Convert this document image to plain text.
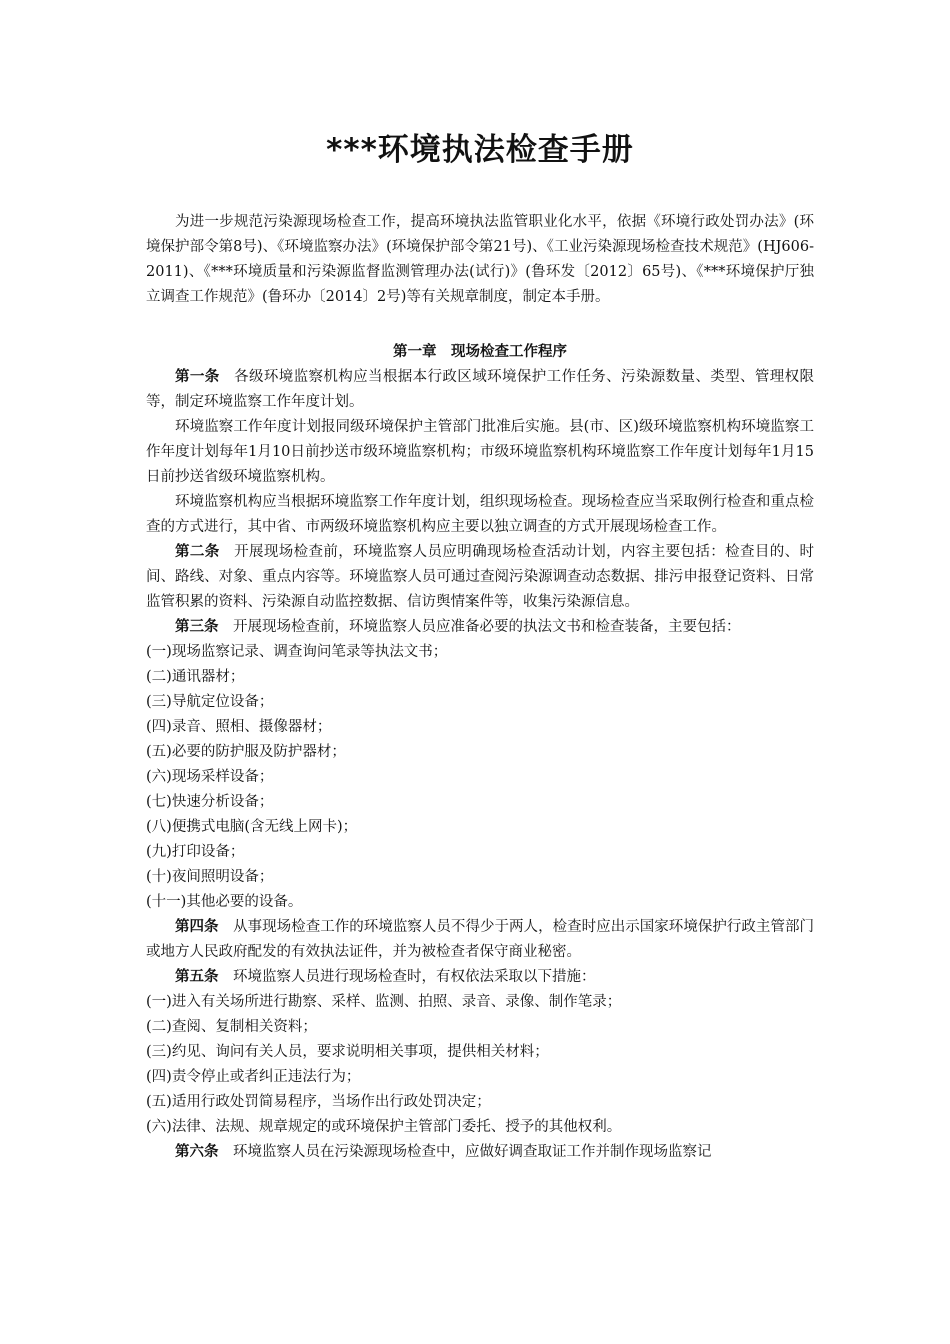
***环境执法检查手册

为进一步规范污染源现场检查工作，提高环境执法监管职业化水平，依据《环境行政处罚办法》(环境保护部令第8号)、《环境监察办法》(环境保护部令第21号)、《工业污染源现场检查技术规范》(HJ606-2011)、《***环境质量和污染源监督监测管理办法(试行)》(鲁环发〔2012〕65号)、《***环境保护厅独立调查工作规范》(鲁环办〔2014〕2号)等有关规章制度，制定本手册。

第一章　现场检查工作程序

第一条 各级环境监察机构应当根据本行政区域环境保护工作任务、污染源数量、类型、管理权限等，制定环境监察工作年度计划。

环境监察工作年度计划报同级环境保护主管部门批准后实施。县(市、区)级环境监察机构环境监察工作年度计划每年1月10日前抄送市级环境监察机构；市级环境监察机构环境监察工作年度计划每年1月15日前抄送省级环境监察机构。

环境监察机构应当根据环境监察工作年度计划，组织现场检查。现场检查应当采取例行检查和重点检查的方式进行，其中省、市两级环境监察机构应主要以独立调查的方式开展现场检查工作。

第二条 开展现场检查前，环境监察人员应明确现场检查活动计划，内容主要包括：检查目的、时间、路线、对象、重点内容等。环境监察人员可通过查阅污染源调查动态数据、排污申报登记资料、日常监管积累的资料、污染源自动监控数据、信访舆情案件等，收集污染源信息。

第三条 开展现场检查前，环境监察人员应准备必要的执法文书和检查装备，主要包括：

(一)现场监察记录、调查询问笔录等执法文书；

(二)通讯器材；

(三)导航定位设备；

(四)录音、照相、摄像器材；

(五)必要的防护服及防护器材；

(六)现场采样设备；

(七)快速分析设备；

(八)便携式电脑(含无线上网卡)；

(九)打印设备；

(十)夜间照明设备；

(十一)其他必要的设备。

第四条 从事现场检查工作的环境监察人员不得少于两人，检查时应出示国家环境保护行政主管部门或地方人民政府配发的有效执法证件，并为被检查者保守商业秘密。

第五条 环境监察人员进行现场检查时，有权依法采取以下措施：

(一)进入有关场所进行勘察、采样、监测、拍照、录音、录像、制作笔录；

(二)查阅、复制相关资料；

(三)约见、询问有关人员，要求说明相关事项，提供相关材料；

(四)责令停止或者纠正违法行为；

(五)适用行政处罚简易程序，当场作出行政处罚决定；

(六)法律、法规、规章规定的或环境保护主管部门委托、授予的其他权利。

第六条 环境监察人员在污染源现场检查中，应做好调查取证工作并制作现场监察记
